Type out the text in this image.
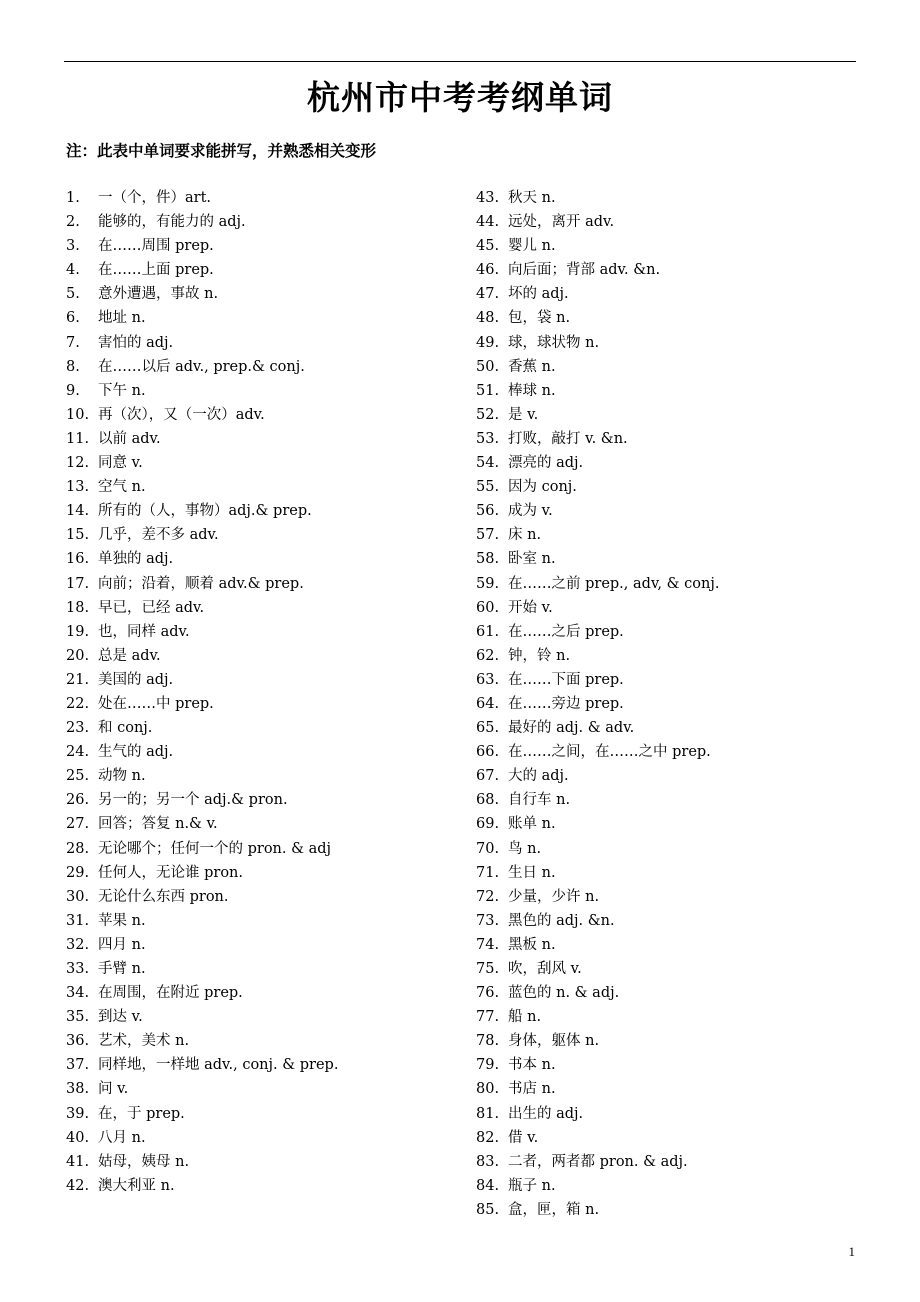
杭州市中考考纲单词
注：此表中单词要求能拼写，并熟悉相关变形
1. 一（个，件）art.
2. 能够的，有能力的 adj.
3. 在……周围 prep.
4. 在……上面 prep.
5. 意外遭遇，事故 n.
6. 地址 n.
7. 害怕的 adj.
8. 在……以后 adv., prep.& conj.
9. 下午 n.
10. 再（次），又（一次）adv.
11. 以前 adv.
12. 同意 v.
13. 空气 n.
14. 所有的（人，事物）adj.& prep.
15. 几乎，差不多 adv.
16. 单独的 adj.
17. 向前；沿着，顺着 adv.& prep.
18. 早已，已经 adv.
19. 也，同样 adv.
20. 总是 adv.
21. 美国的 adj.
22. 处在……中 prep.
23. 和 conj.
24. 生气的 adj.
25. 动物 n.
26. 另一的；另一个 adj.& pron.
27. 回答；答复 n.& v.
28. 无论哪个；任何一个的 pron. & adj
29. 任何人，无论谁 pron.
30. 无论什么东西 pron.
31. 苹果 n.
32. 四月 n.
33. 手臂 n.
34. 在周围，在附近 prep.
35. 到达 v.
36. 艺术，美术 n.
37. 同样地，一样地 adv., conj. & prep.
38. 问 v.
39. 在，于 prep.
40. 八月 n.
41. 姑母，姨母 n.
42. 澳大利亚 n.
43. 秋天 n.
44. 远处，离开 adv.
45. 婴儿 n.
46. 向后面；背部 adv. &n.
47. 坏的 adj.
48. 包，袋 n.
49. 球，球状物 n.
50. 香蕉 n.
51. 棒球 n.
52. 是 v.
53. 打败，敲打 v. &n.
54. 漂亮的 adj.
55. 因为 conj.
56. 成为 v.
57. 床 n.
58. 卧室 n.
59. 在……之前 prep., adv, & conj.
60. 开始 v.
61. 在……之后 prep.
62. 钟，铃 n.
63. 在……下面 prep.
64. 在……旁边 prep.
65. 最好的 adj. & adv.
66. 在……之间，在……之中 prep.
67. 大的 adj.
68. 自行车 n.
69. 账单 n.
70. 鸟 n.
71. 生日 n.
72. 少量，少许 n.
73. 黑色的 adj. &n.
74. 黑板 n.
75. 吹，刮风 v.
76. 蓝色的 n. & adj.
77. 船 n.
78. 身体，躯体 n.
79. 书本 n.
80. 书店 n.
81. 出生的 adj.
82. 借 v.
83. 二者，两者都 pron. & adj.
84. 瓶子 n.
85. 盒，匣，箱 n.
1
